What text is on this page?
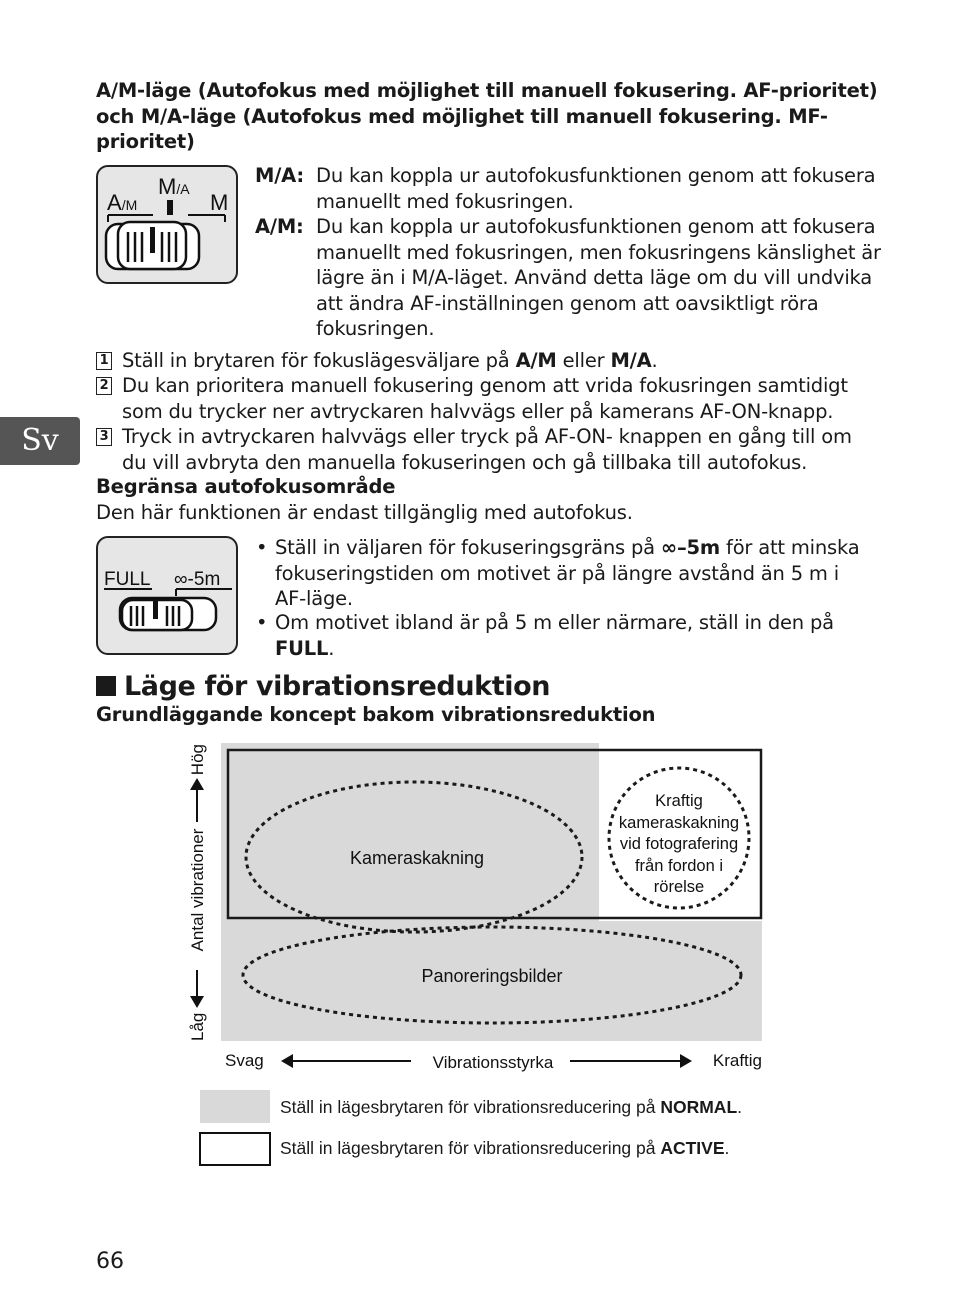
Sv
A/M-läge (Autofokus med möjlighet till manuell fokusering. AF-prioritet) och M/A-läge (Autofokus med möjlighet till manuell fokusering. MF-prioritet)
A/M
M/A
M
M/A: Du kan koppla ur autofokusfunktionen genom att fokusera manuellt med fokusringen.
A/M: Du kan koppla ur autofokusfunktionen genom att fokusera manuellt med fokusringen, men fokusringens känslighet är lägre än i M/A-läget. Använd detta läge om du vill undvika att ändra AF-inställningen genom att oavsiktligt röra fokusringen.
1 Ställ in brytaren för fokuslägesväljare på A/M eller M/A.
2 Du kan prioritera manuell fokusering genom att vrida fokusringen samtidigt som du trycker ner avtryckaren halvvägs eller på kamerans AF-ON-knapp.
3 Tryck in avtryckaren halvvägs eller tryck på AF-ON- knappen en gång till om du vill avbryta den manuella fokuseringen och gå tillbaka till autofokus.
Begränsa autofokusområde
Den här funktionen är endast tillgänglig med autofokus.
FULL ∞-5m
• Ställ in väljaren för fokuseringsgräns på ∞–5m för att minska fokuseringstiden om motivet är på längre avstånd än 5 m i AF-läge.
• Om motivet ibland är på 5 m eller närmare, ställ in den på FULL.
Läge för vibrationsreduktion
Grundläggande koncept bakom vibrationsreduktion
Kameraskakning
Panoreringsbilder
Kraftig
kameraskakning
vid fotografering
från fordon i
rörelse
Låg
Antal vibrationer
Hög
Svag	Vibrationsstyrka	Kraftig
Ställ in lägesbrytaren för vibrationsreducering på NORMAL.
Ställ in lägesbrytaren för vibrationsreducering på ACTIVE.
66
